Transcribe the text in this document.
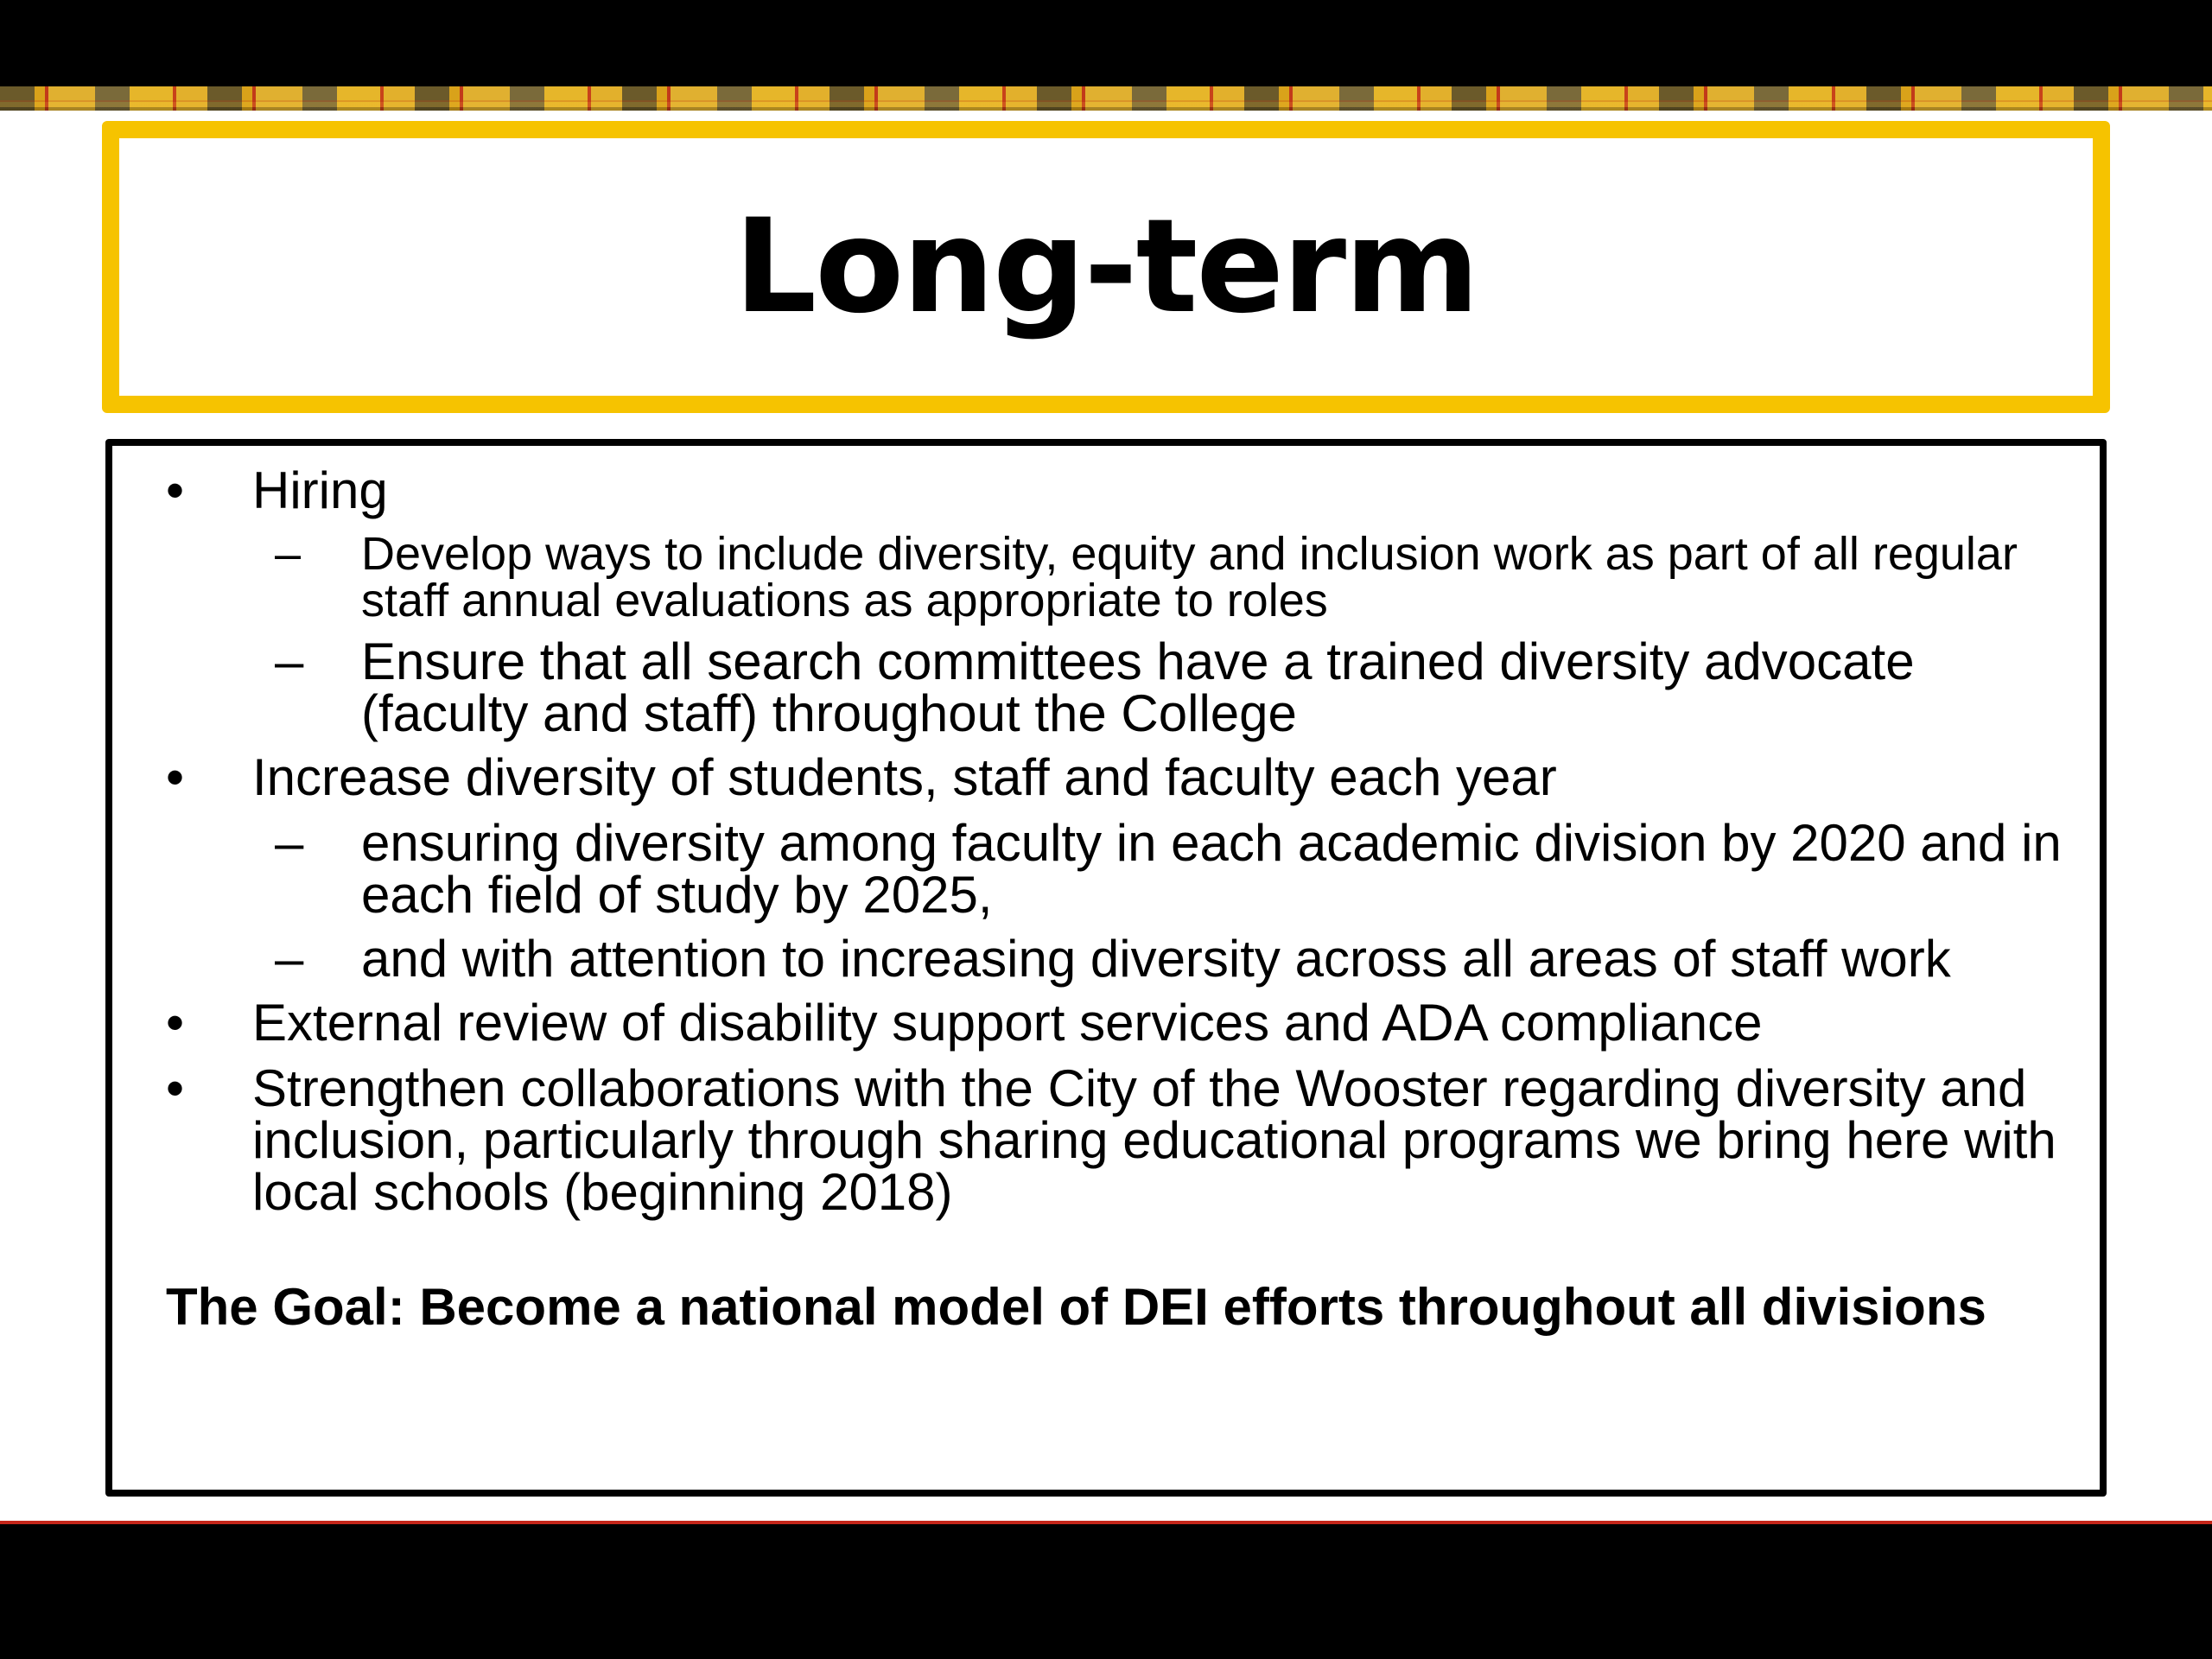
Long-term
•	Hiring
– Develop ways to include diversity, equity and inclusion work as part of all regular staff annual evaluations as appropriate to roles
– Ensure that all search committees have a trained diversity advocate (faculty and staff) throughout the College
•	Increase diversity of students, staff and faculty each year
– ensuring diversity among faculty in each academic division by 2020 and in each field of study by 2025,
– and with attention to increasing diversity across all areas of staff work
•	External review of disability support services and ADA compliance
•	Strengthen collaborations with the City of the Wooster regarding diversity and inclusion, particularly through sharing educational programs we bring here with local schools (beginning 2018)
The Goal: Become a national model of DEI efforts throughout all divisions
